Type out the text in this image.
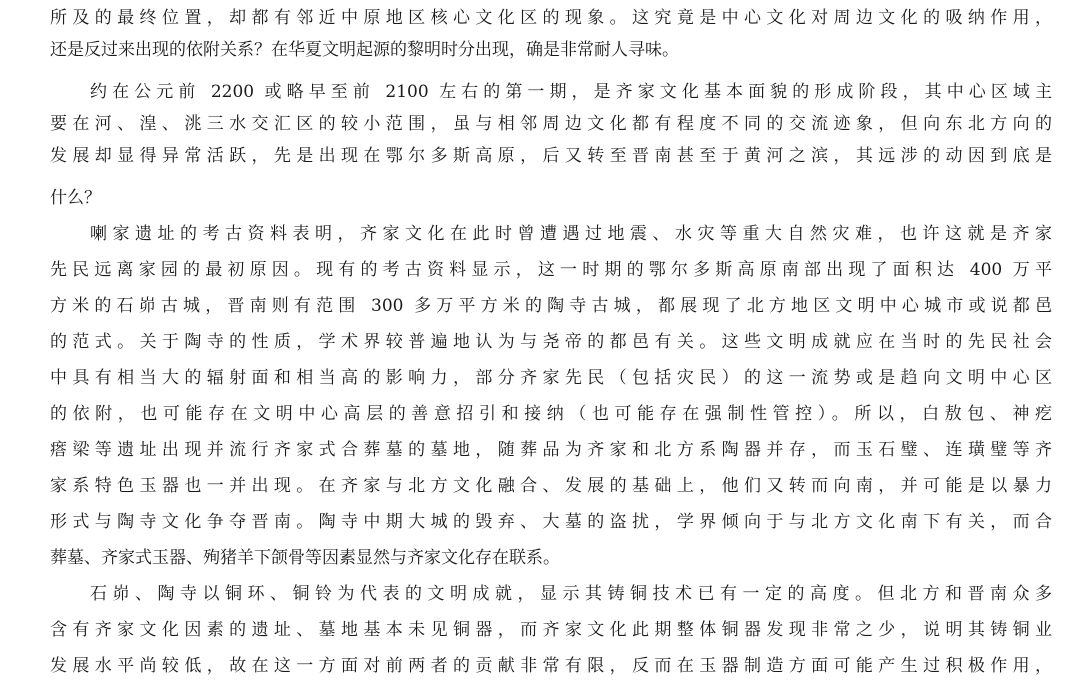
所及的最终位置，却都有邻近中原地区核心文化区的现象。这究竟是中心文化对周边文化的吸纳作用，
还是反过来出现的依附关系？在华夏文明起源的黎明时分出现，确是非常耐人寻味。
约在公元前 2200 或略早至前 2100 左右的第一期，是齐家文化基本面貌的形成阶段，其中心区域主
要在河、湟、洮三水交汇区的较小范围，虽与相邻周边文化都有程度不同的交流迹象，但向东北方向的
发展却显得异常活跃，先是出现在鄂尔多斯高原，后又转至晋南甚至于黄河之滨，其远涉的动因到底是
什么？
喇家遗址的考古资料表明，齐家文化在此时曾遭遇过地震、水灾等重大自然灾难，也许这就是齐家
先民远离家园的最初原因。现有的考古资料显示，这一时期的鄂尔多斯高原南部出现了面积达 400 万平
方米的石峁古城，晋南则有范围 300 多万平方米的陶寺古城，都展现了北方地区文明中心城市或说都邑
的范式。关于陶寺的性质，学术界较普遍地认为与尧帝的都邑有关。这些文明成就应在当时的先民社会
中具有相当大的辐射面和相当高的影响力，部分齐家先民（包括灾民）的这一流势或是趋向文明中心区
的依附，也可能存在文明中心高层的善意招引和接纳（也可能存在强制性管控）。所以，白敖包、神疙
瘩梁等遗址出现并流行齐家式合葬墓的墓地，随葬品为齐家和北方系陶器并存，而玉石璧、连璜璧等齐
家系特色玉器也一并出现。在齐家与北方文化融合、发展的基础上，他们又转而向南，并可能是以暴力
形式与陶寺文化争夺晋南。陶寺中期大城的毁弃、大墓的盗扰，学界倾向于与北方文化南下有关，而合
葬墓、齐家式玉器、殉猪羊下颌骨等因素显然与齐家文化存在联系。
石峁、陶寺以铜环、铜铃为代表的文明成就，显示其铸铜技术已有一定的高度。但北方和晋南众多
含有齐家文化因素的遗址、墓地基本未见铜器，而齐家文化此期整体铜器发现非常之少，说明其铸铜业
发展水平尚较低，故在这一方面对前两者的贡献非常有限，反而在玉器制造方面可能产生过积极作用，
